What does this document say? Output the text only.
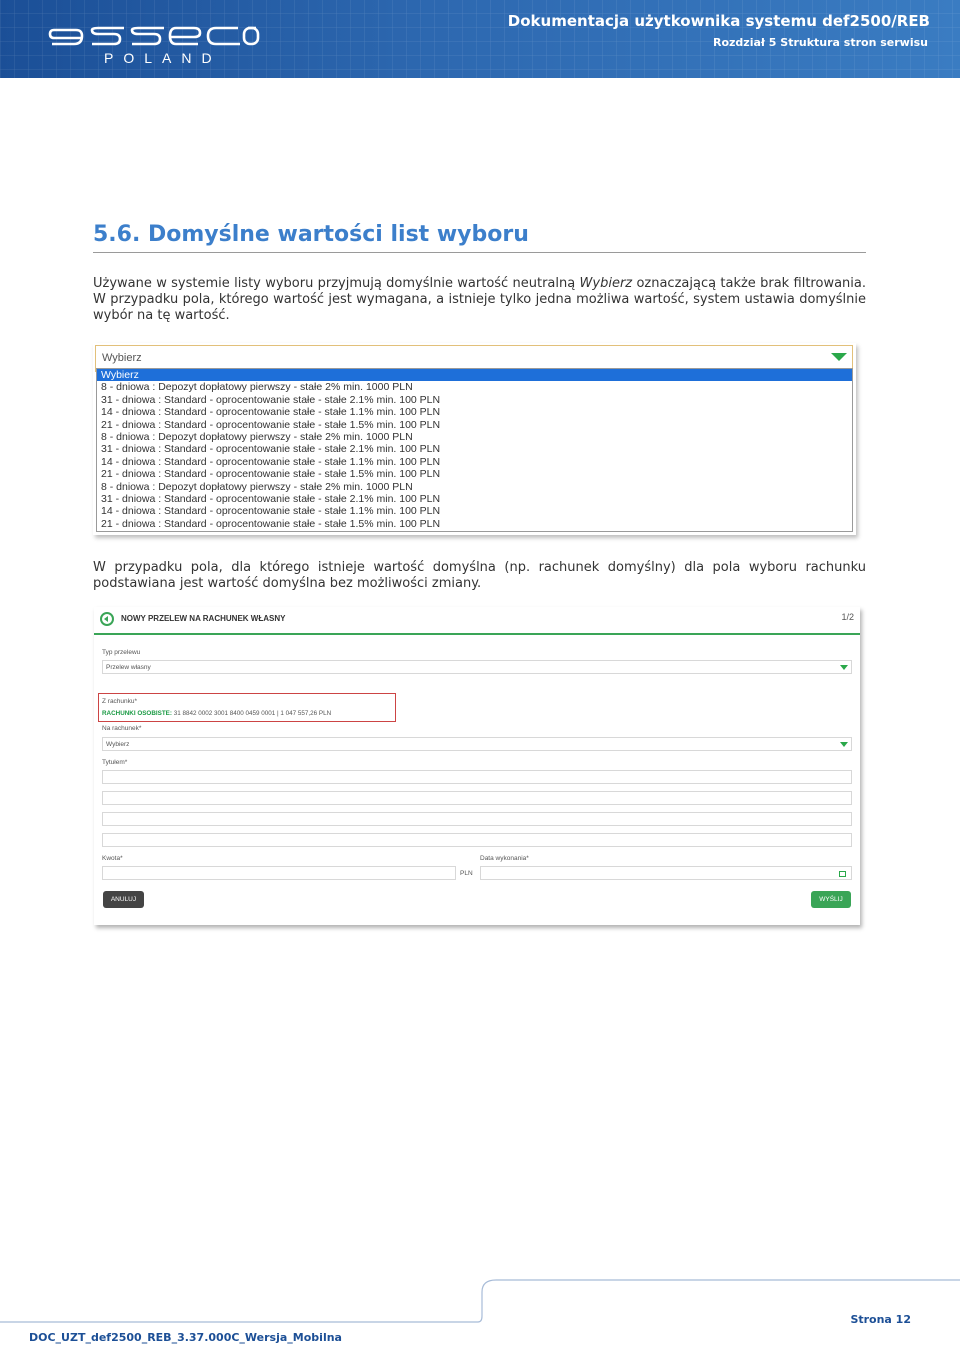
POLAND
Dokumentacja użytkownika systemu def2500/REB
Rozdział 5 Struktura stron serwisu
5.6. Domyślne wartości list wyboru
Używane w systemie listy wyboru przyjmują domyślnie wartość neutralną Wybierz oznaczającą także brak filtrowania. W przypadku pola, którego wartość jest wymagana, a istnieje tylko jedna możliwa wartość, system ustawia domyślnie wybór na tę wartość.
Wybierz
Wybierz
8 - dniowa : Depozyt dopłatowy pierwszy - stałe 2% min. 1000 PLN
31 - dniowa : Standard - oprocentowanie stałe - stałe 2.1% min. 100 PLN
14 - dniowa : Standard - oprocentowanie stałe - stałe 1.1% min. 100 PLN
21 - dniowa : Standard - oprocentowanie stałe - stałe 1.5% min. 100 PLN
8 - dniowa : Depozyt dopłatowy pierwszy - stałe 2% min. 1000 PLN
31 - dniowa : Standard - oprocentowanie stałe - stałe 2.1% min. 100 PLN
14 - dniowa : Standard - oprocentowanie stałe - stałe 1.1% min. 100 PLN
21 - dniowa : Standard - oprocentowanie stałe - stałe 1.5% min. 100 PLN
8 - dniowa : Depozyt dopłatowy pierwszy - stałe 2% min. 1000 PLN
31 - dniowa : Standard - oprocentowanie stałe - stałe 2.1% min. 100 PLN
14 - dniowa : Standard - oprocentowanie stałe - stałe 1.1% min. 100 PLN
21 - dniowa : Standard - oprocentowanie stałe - stałe 1.5% min. 100 PLN
W przypadku pola, dla którego istnieje wartość domyślna (np. rachunek domyślny) dla pola wyboru rachunku podstawiana jest wartość domyślna bez możliwości zmiany.
NOWY PRZELEW NA RACHUNEK WŁASNY	1/2
Typ przelewu
Przelew własny
Z rachunku*
RACHUNKI OSOBISTE: 31 8842 0002 3001 8400 0459 0001 | 1 047 557,26 PLN
Na rachunek*
Wybierz
Tytułem*
Kwota*
PLN
Data wykonania*
ANULUJ	WYŚLIJ
DOC_UZT_def2500_REB_3.37.000C_Wersja_Mobilna
Strona 12
